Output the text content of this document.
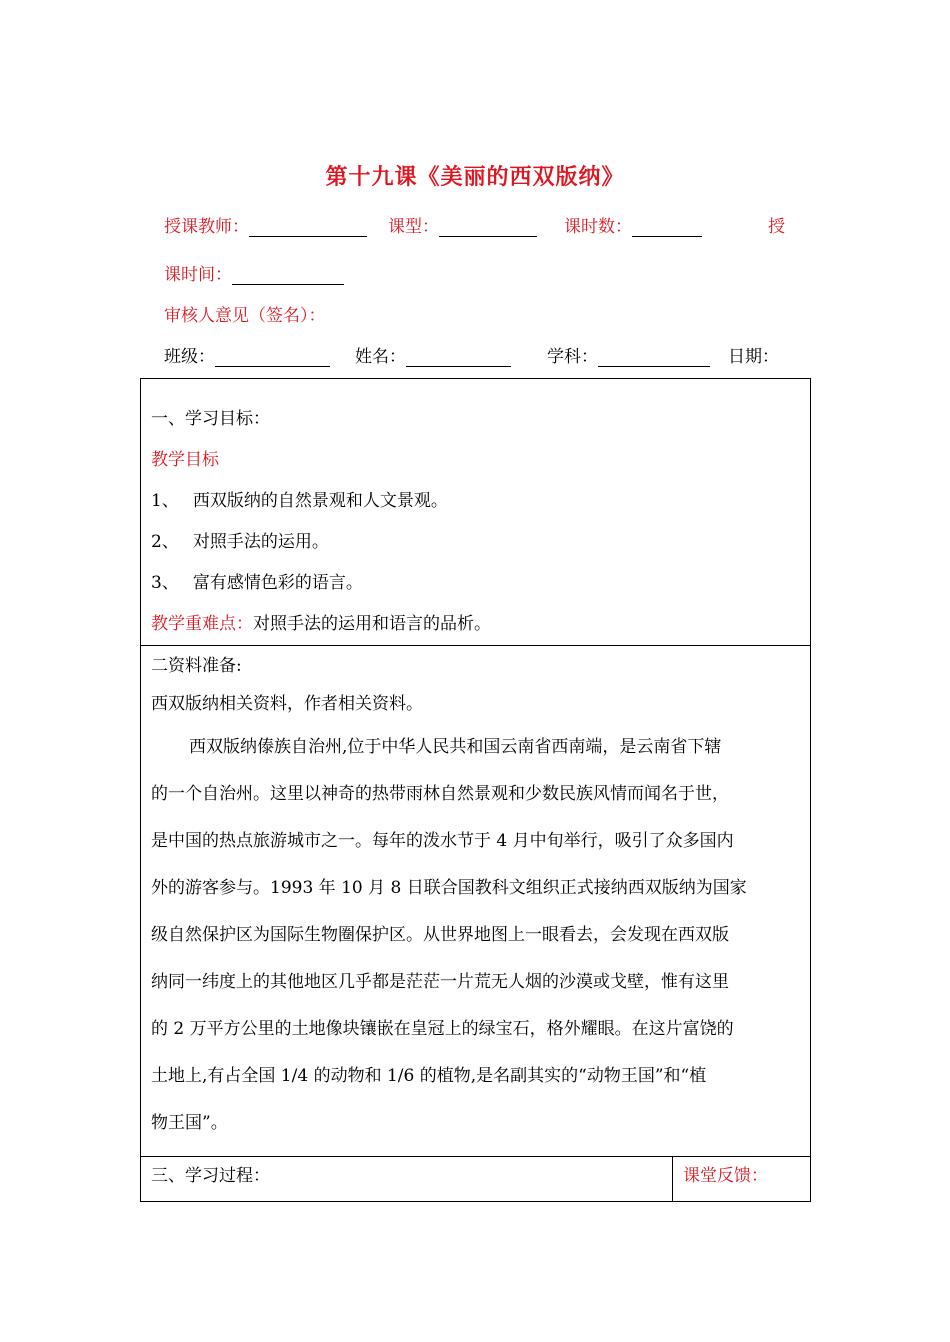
第十九课《美丽的西双版纳》
授课教师：	课型：	课时数：	授
课时间：
审核人意见（签名）：
班级：	姓名：	学科：	日期：
一、学习目标：
教学目标
1、 西双版纳的自然景观和人文景观。
2、 对照手法的运用。
3、 富有感情色彩的语言。
教学重难点：对照手法的运用和语言的品析。

二资料准备:
西双版纳相关资料，作者相关资料。
西双版纳傣族自治州,位于中华人民共和国云南省西南端，是云南省下辖
的一个自治州。这里以神奇的热带雨林自然景观和少数民族风情而闻名于世，
是中国的热点旅游城市之一。每年的泼水节于 4 月中旬举行，吸引了众多国内
外的游客参与。1993 年 10 月 8 日联合国教科文组织正式接纳西双版纳为国家
级自然保护区为国际生物圈保护区。从世界地图上一眼看去，会发现在西双版
纳同一纬度上的其他地区几乎都是茫茫一片荒无人烟的沙漠或戈壁，惟有这里
的 2 万平方公里的土地像块镶嵌在皇冠上的绿宝石，格外耀眼。在这片富饶的
土地上,有占全国 1/4 的动物和 1/6 的植物,是名副其实的“动物王国”和“植
物王国”。

三、学习过程：	课堂反馈：
